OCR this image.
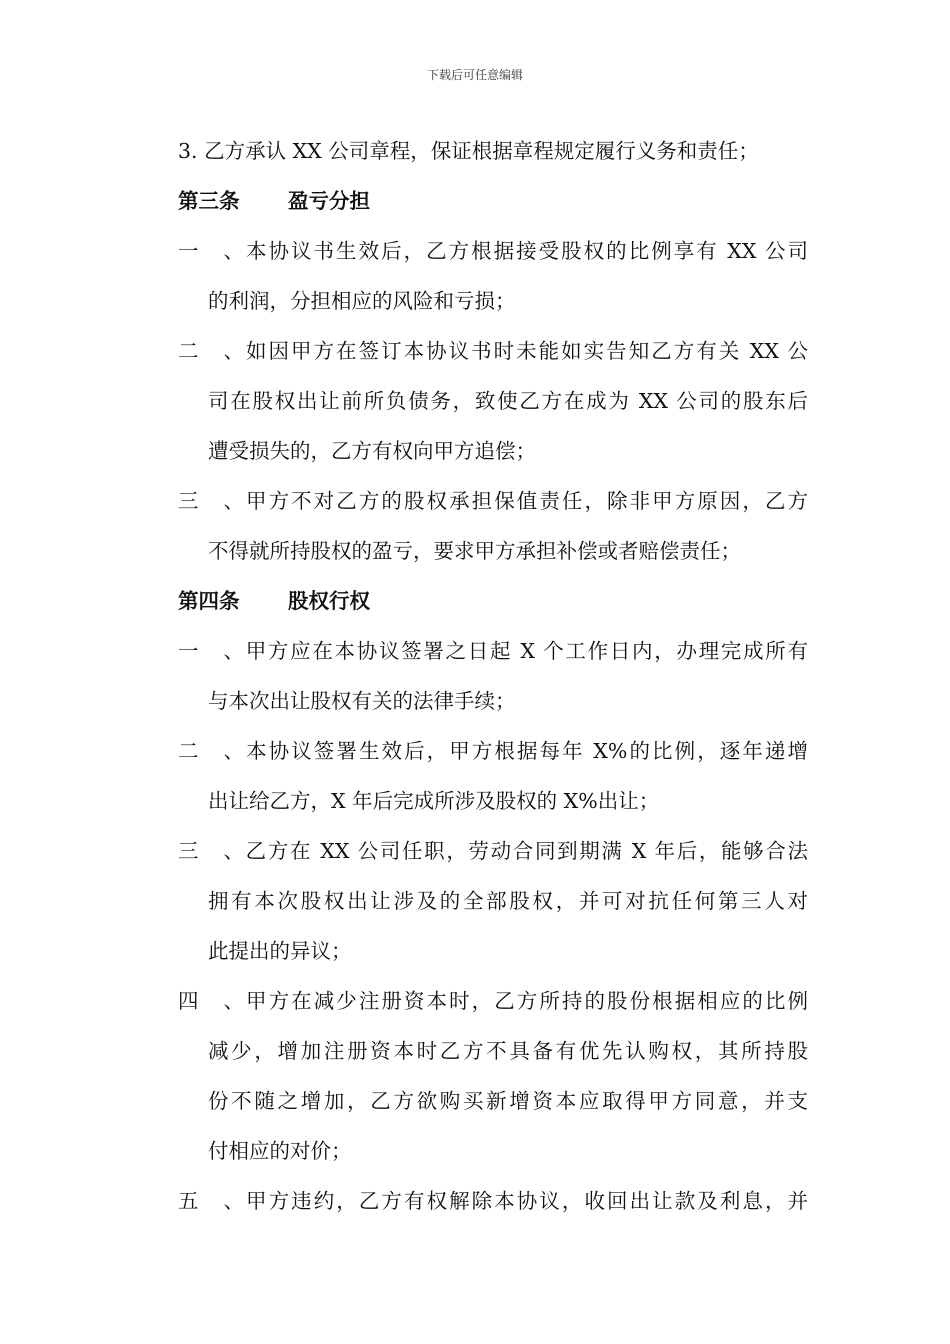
下载后可任意编辑
3. 乙方承认 XX 公司章程，保证根据章程规定履行义务和责任；
第三条 盈亏分担
一、本协议书生效后，乙方根据接受股权的比例享有 XX 公司
的利润，分担相应的风险和亏损；
二、如因甲方在签订本协议书时未能如实告知乙方有关 XX 公
司在股权出让前所负债务，致使乙方在成为 XX 公司的股东后
遭受损失的，乙方有权向甲方追偿；
三、甲方不对乙方的股权承担保值责任，除非甲方原因，乙方
不得就所持股权的盈亏，要求甲方承担补偿或者赔偿责任；
第四条 股权行权
一、甲方应在本协议签署之日起 X 个工作日内，办理完成所有
与本次出让股权有关的法律手续；
二、本协议签署生效后，甲方根据每年 X%的比例，逐年递增
出让给乙方，X 年后完成所涉及股权的 X%出让；
三、乙方在 XX 公司任职，劳动合同到期满 X 年后，能够合法
拥有本次股权出让涉及的全部股权，并可对抗任何第三人对
此提出的异议；
四、甲方在减少注册资本时，乙方所持的股份根据相应的比例
减少，增加注册资本时乙方不具备有优先认购权，其所持股
份不随之增加，乙方欲购买新增资本应取得甲方同意，并支
付相应的对价；
五、甲方违约，乙方有权解除本协议，收回出让款及利息，并
